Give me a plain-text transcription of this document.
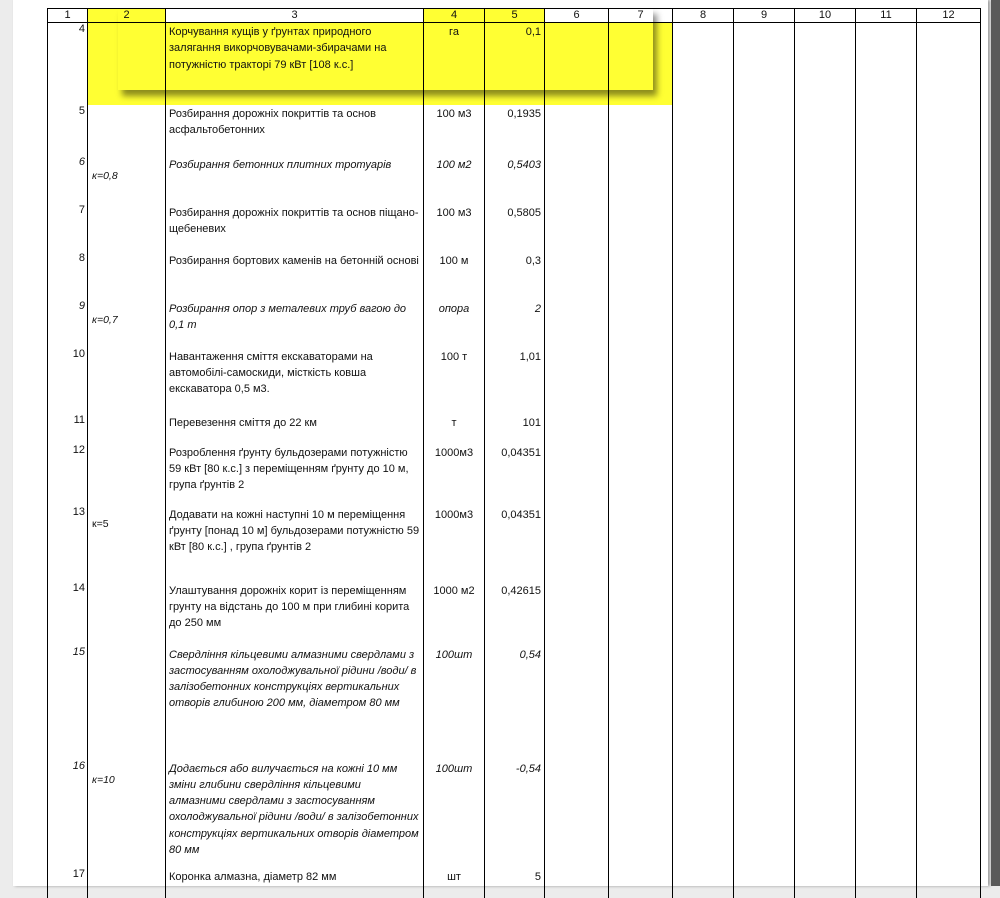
1	2	3	4	5	6	7	8	9	10	11	12
4		Корчування кущів у ґрунтах природного залягання викорчовувачами-збирачами на потужністю тракторі 79 кВт [108 к.с.]	га	0,1							
5		Розбирання дорожніх покриттів та основ асфальтобетонних	100 м3	0,1935							
6	к=0,8	Розбирання бетонних плитних тротуарів	100 м2	0,5403							
7		Розбирання дорожніх покриттів та основ піщано-щебеневих	100 м3	0,5805							
8		Розбирання бортових каменів на бетонній основі	100 м	0,3							
9	к=0,7	Розбирання опор з металевих труб вагою до 0,1 т	опора	2							
10		Навантаження сміття екскаваторами на автомобілі-самоскиди, місткість ковша екскаватора 0,5 м3.	100 т	1,01							
11		Перевезення сміття до 22 км	т	101							
12		Розроблення ґрунту бульдозерами потужністю 59 кВт [80 к.с.] з переміщенням ґрунту до 10 м, група ґрунтів 2	1000м3	0,04351							
13	к=5	Додавати на кожні наступні 10 м переміщення ґрунту [понад 10 м] бульдозерами потужністю 59 кВт [80 к.с.] , група ґрунтів 2	1000м3	0,04351							
14		Улаштування дорожніх корит із переміщенням грунту на відстань до 100 м при глибині корита до 250 мм	1000 м2	0,42615							
15		Свердління кільцевими алмазними свердлами з застосуванням охолоджувальної рідини /води/ в залізобетонних конструкціях вертикальних отворів глибиною 200 мм, діаметром 80 мм	100шт	0,54							
16	к=10	Додається або вилучається на кожні 10 мм зміни глибини свердління кільцевими алмазними свердлами з застосуванням охолоджувальної рідини /води/ в залізобетонних конструкціях вертикальних отворів діаметром 80 мм	100шт	-0,54							
17		Коронка алмазна, діаметр 82 мм	шт	5							
